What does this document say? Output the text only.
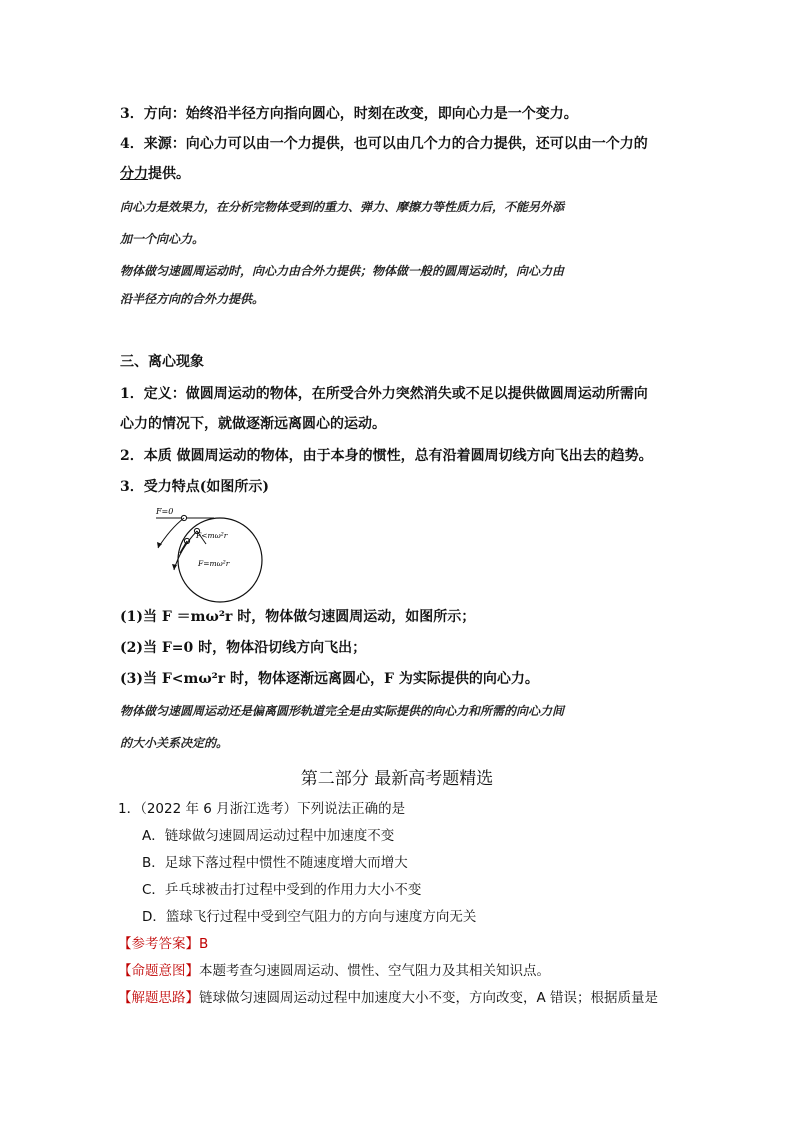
3．方向：始终沿半径方向指向圆心，时刻在改变，即向心力是一个变力。
4．来源：向心力可以由一个力提供，也可以由几个力的合力提供，还可以由一个力的
分力提供。
向心力是效果力，在分析完物体受到的重力、弹力、摩擦力等性质力后，不能另外添
加一个向心力。
物体做匀速圆周运动时，向心力由合外力提供；物体做一般的圆周运动时，向心力由
沿半径方向的合外力提供。
三、离心现象
1．定义：做圆周运动的物体，在所受合外力突然消失或不足以提供做圆周运动所需向
心力的情况下，就做逐渐远离圆心的运动。
2．本质 做圆周运动的物体，由于本身的惯性，总有沿着圆周切线方向飞出去的趋势。
3．受力特点(如图所示)
F=0
F<mω²r
F=mω²r
(1)当 F ＝mω²r 时，物体做匀速圆周运动，如图所示；
(2)当 F=0 时，物体沿切线方向飞出；
(3)当 F<mω²r 时，物体逐渐远离圆心，F 为实际提供的向心力。
物体做匀速圆周运动还是偏离圆形轨道完全是由实际提供的向心力和所需的向心力间
的大小关系决定的。
第二部分 最新高考题精选
1．（2022 年 6 月浙江选考）下列说法正确的是
A．链球做匀速圆周运动过程中加速度不变
B．足球下落过程中惯性不随速度增大而增大
C．乒乓球被击打过程中受到的作用力大小不变
D．篮球飞行过程中受到空气阻力的方向与速度方向无关
【参考答案】B
【命题意图】本题考查匀速圆周运动、惯性、空气阻力及其相关知识点。
【解题思路】链球做匀速圆周运动过程中加速度大小不变，方向改变，A 错误；根据质量是
